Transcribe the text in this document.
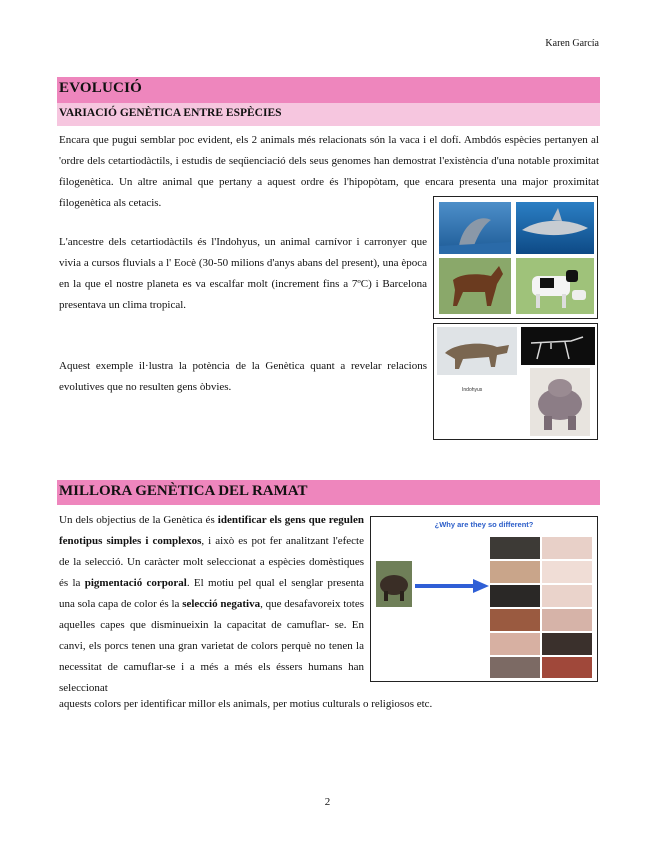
Karen García
EVOLUCIÓ
VARIACIÓ GENÈTICA ENTRE ESPÈCIES

Encara que pugui semblar poc evident, els 2 animals més relacionats són la vaca i el dofí. Ambdós espècies pertanyen al 'ordre dels cetartiodàctils, i estudis de seqüenciació dels seus genomes han demostrat l'existència d'una notable proximitat filogenètica. Un altre animal que pertany a aquest ordre és l'hipopòtam, que encara presenta una major proximitat filogenètica als cetacis.

L'ancestre dels cetartiodàctils és l'Indohyus, un animal carnívor i carronyer que vivia a cursos fluvials a l' Eocè (30-50 milions d'anys abans del present), una època en la que el nostre planeta es va escalfar molt (increment fins a 7ºC) i Barcelona presentava un clima tropical.

Aquest exemple il·lustra la potència de la Genètica quant a revelar relacions evolutives que no resulten gens òbvies.	Indohyus
MILLORA GENÈTICA DEL RAMAT

Un dels objectius de la Genètica és identificar els gens que regulen fenotipus simples i complexos, i això es pot fer analitzant l'efecte de la selecció. Un caràcter molt seleccionat a espècies domèstiques és la pigmentació corporal. El motiu pel qual el senglar presenta una sola capa de color és la selecció negativa, que desafavoreix totes aquelles capes que disminueixin la capacitat de camuflar- se. En canvi, els porcs tenen una gran varietat de colors perquè no tenen la necessitat de camuflar-se i a més a més els éssers humans han seleccionat

aquests colors per identificar millor els animals, per motius culturals o religiosos etc.

¿Why are they so different?
2
